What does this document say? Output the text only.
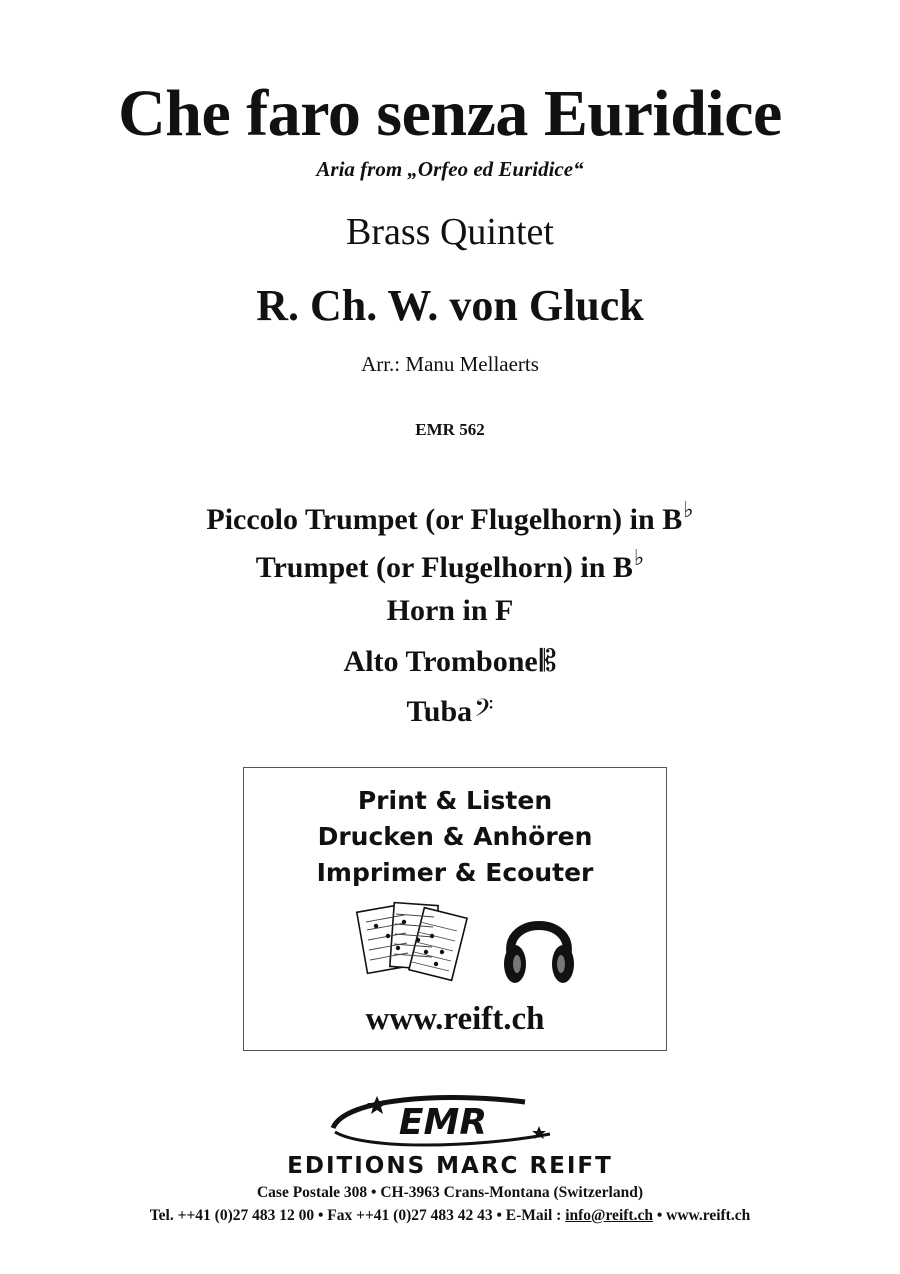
Che faro senza Euridice
Aria from „Orfeo ed Euridice“
Brass Quintet
R. Ch. W. von Gluck
Arr.: Manu Mellaerts
EMR 562
Piccolo Trumpet (or Flugelhorn) in B♭
Trumpet (or Flugelhorn) in B♭
Horn in F
Alto Trombone𝄡
Tuba𝄢
Print & Listen
Drucken & Anhören
Imprimer & Ecouter
www.reift.ch
EMR
EDITIONS MARC REIFT
Case Postale 308 • CH-3963 Crans-Montana (Switzerland)
Tel. ++41 (0)27 483 12 00 • Fax ++41 (0)27 483 42 43 • E-Mail : info@reift.ch • www.reift.ch
